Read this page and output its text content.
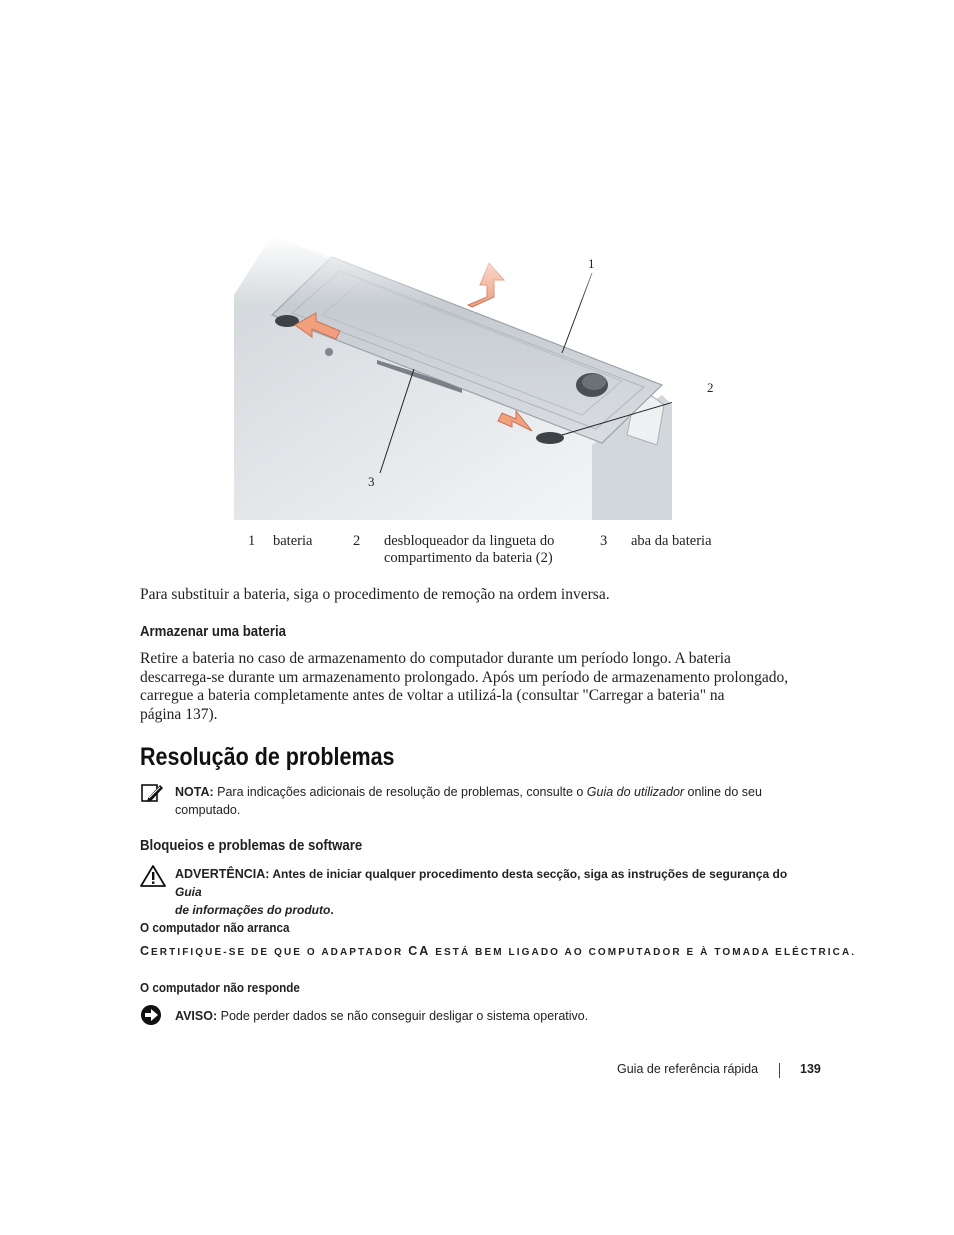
1
2
3
1 bateria	2 desbloqueador da lingueta do
compartimento da bateria (2)
3 aba da bateria
Para substituir a bateria, siga o procedimento de remoção na ordem inversa.
Armazenar uma bateria
Retire a bateria no caso de armazenamento do computador durante um período longo. A bateria
descarrega-se durante um armazenamento prolongado. Após um período de armazenamento prolongado,
carregue a bateria completamente antes de voltar a utilizá-la (consultar "Carregar a bateria" na
página 137).
Resolução de problemas
NOTA: Para indicações adicionais de resolução de problemas, consulte o Guia do utilizador online do seu
computado.
Bloqueios e problemas de software
ADVERTÊNCIA: Antes de iniciar qualquer procedimento desta secção, siga as instruções de segurança do Guia
de informações do produto.
O computador não arranca
CERTIFIQUE-SE DE QUE O ADAPTADOR CA ESTÁ BEM LIGADO AO COMPUTADOR E À TOMADA ELÉCTRICA.
O computador não responde
AVISO: Pode perder dados se não conseguir desligar o sistema operativo.
Guia de referência rápida	139
